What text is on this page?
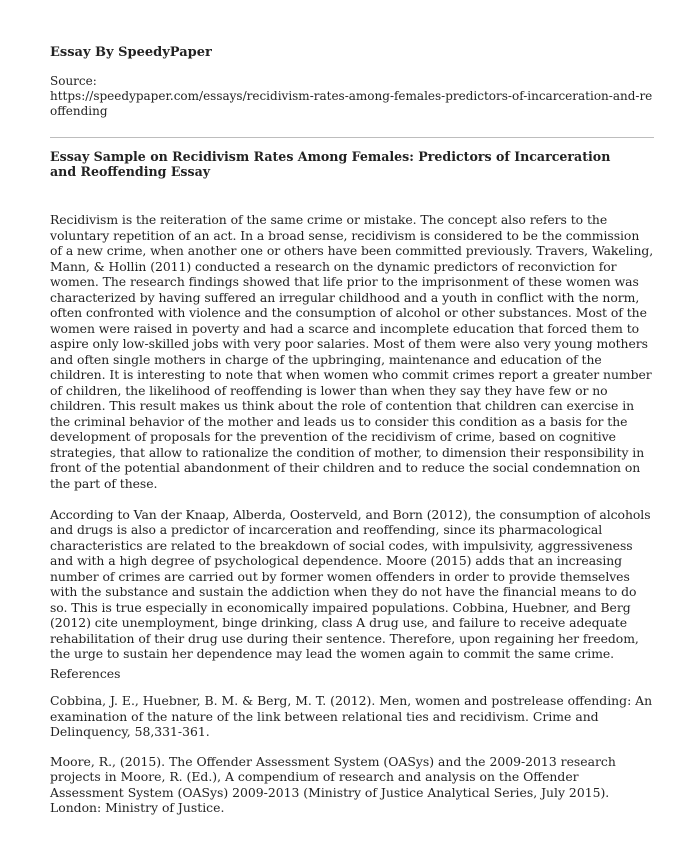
Essay By SpeedyPaper
Source:
https://speedypaper.com/essays/recidivism-rates-among-females-predictors-of-incarceration-and-reoffending
Essay Sample on Recidivism Rates Among Females: Predictors of Incarceration and Reoffending Essay

Recidivism is the reiteration of the same crime or mistake. The concept also refers to the voluntary repetition of an act. In a broad sense, recidivism is considered to be the commission of a new crime, when another one or others have been committed previously. Travers, Wakeling, Mann, & Hollin (2011) conducted a research on the dynamic predictors of reconviction for women. The research findings showed that life prior to the imprisonment of these women was characterized by having suffered an irregular childhood and a youth in conflict with the norm, often confronted with violence and the consumption of alcohol or other substances. Most of the women were raised in poverty and had a scarce and incomplete education that forced them to aspire only low-skilled jobs with very poor salaries. Most of them were also very young mothers and often single mothers in charge of the upbringing, maintenance and education of the children. It is interesting to note that when women who commit crimes report a greater number of children, the likelihood of reoffending is lower than when they say they have few or no children. This result makes us think about the role of contention that children can exercise in the criminal behavior of the mother and leads us to consider this condition as a basis for the development of proposals for the prevention of the recidivism of crime, based on cognitive strategies, that allow to rationalize the condition of mother, to dimension their responsibility in front of the potential abandonment of their children and to reduce the social condemnation on the part of these.

According to Van der Knaap, Alberda, Oosterveld, and Born (2012), the consumption of alcohols and drugs is also a predictor of incarceration and reoffending, since its pharmacological characteristics are related to the breakdown of social codes, with impulsivity, aggressiveness and with a high degree of psychological dependence. Moore (2015) adds that an increasing number of crimes are carried out by former women offenders in order to provide themselves with the substance and sustain the addiction when they do not have the financial means to do so. This is true especially in economically impaired populations. Cobbina, Huebner, and Berg (2012) cite unemployment, binge drinking, class A drug use, and failure to receive adequate rehabilitation of their drug use during their sentence. Therefore, upon regaining her freedom, the urge to sustain her dependence may lead the women again to commit the same crime.

References

Cobbina, J. E., Huebner, B. M. & Berg, M. T. (2012). Men, women and postrelease offending: An examination of the nature of the link between relational ties and recidivism. Crime and Delinquency, 58,331-361.

Moore, R., (2015). The Offender Assessment System (OASys) and the 2009-2013 research projects in Moore, R. (Ed.), A compendium of research and analysis on the Offender Assessment System (OASys) 2009-2013 (Ministry of Justice Analytical Series, July 2015). London: Ministry of Justice.
